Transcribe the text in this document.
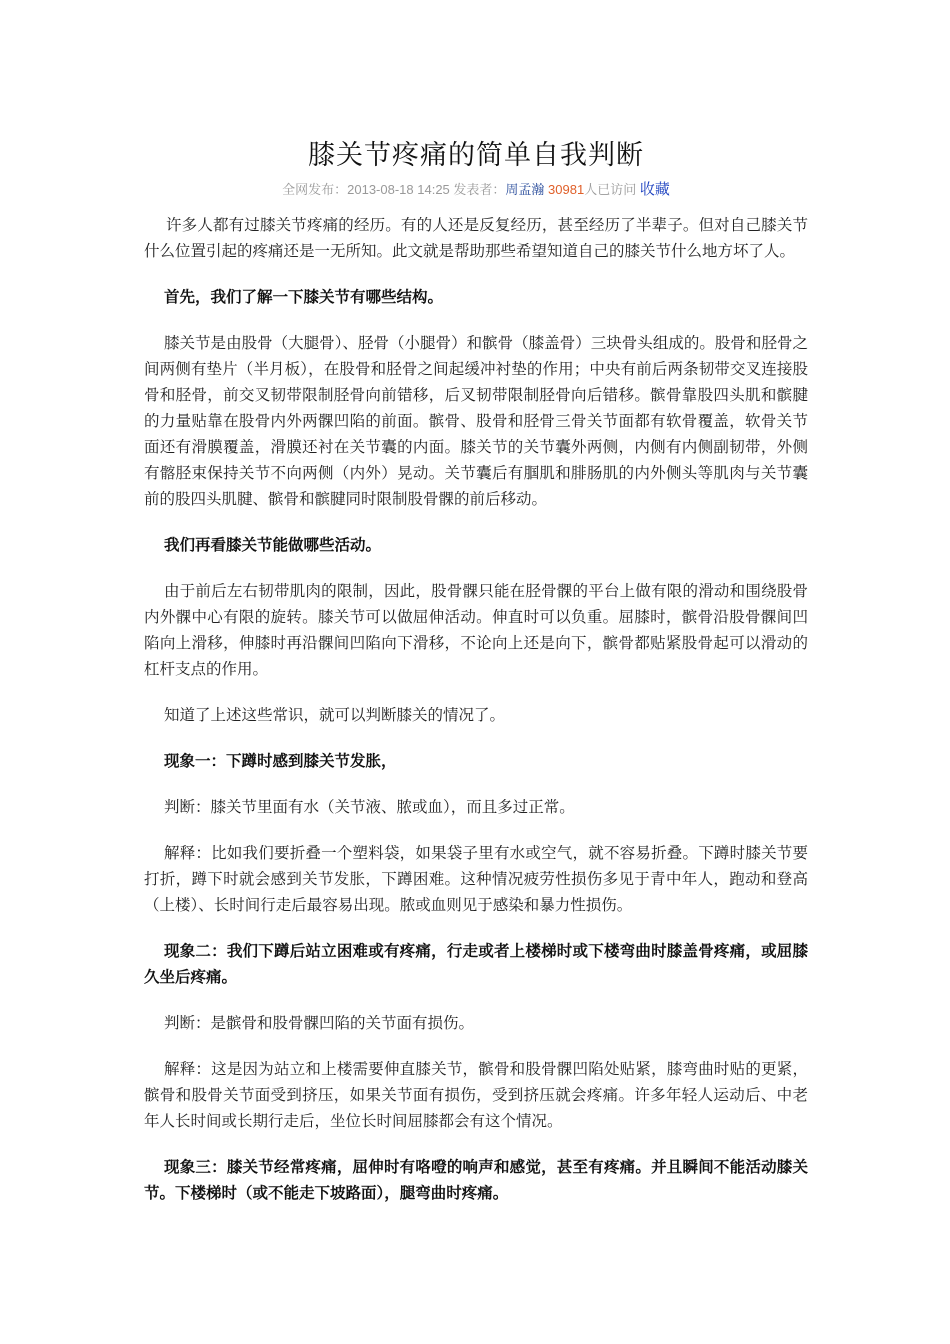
膝关节疼痛的简单自我判断
全网发布：2013-08-18 14:25 发表者：周孟瀚 30981人已访问 收藏

许多人都有过膝关节疼痛的经历。有的人还是反复经历，甚至经历了半辈子。但对自己膝关节什么位置引起的疼痛还是一无所知。此文就是帮助那些希望知道自己的膝关节什么地方坏了人。

首先，我们了解一下膝关节有哪些结构。

膝关节是由股骨（大腿骨）、胫骨（小腿骨）和髌骨（膝盖骨）三块骨头组成的。股骨和胫骨之间两侧有垫片（半月板），在股骨和胫骨之间起缓冲衬垫的作用；中央有前后两条韧带交叉连接股骨和胫骨，前交叉韧带限制胫骨向前错移，后叉韧带限制胫骨向后错移。髌骨靠股四头肌和髌腱的力量贴靠在股骨内外两髁凹陷的前面。髌骨、股骨和胫骨三骨关节面都有软骨覆盖，软骨关节面还有滑膜覆盖，滑膜还衬在关节囊的内面。膝关节的关节囊外两侧，内侧有内侧副韧带，外侧有髂胫束保持关节不向两侧（内外）晃动。关节囊后有腘肌和腓肠肌的内外侧头等肌肉与关节囊前的股四头肌腱、髌骨和髌腱同时限制股骨髁的前后移动。

我们再看膝关节能做哪些活动。

由于前后左右韧带肌肉的限制，因此，股骨髁只能在胫骨髁的平台上做有限的滑动和围绕股骨内外髁中心有限的旋转。膝关节可以做屈伸活动。伸直时可以负重。屈膝时，髌骨沿股骨髁间凹陷向上滑移，伸膝时再沿髁间凹陷向下滑移，不论向上还是向下，髌骨都贴紧股骨起可以滑动的杠杆支点的作用。

知道了上述这些常识，就可以判断膝关的情况了。

现象一：下蹲时感到膝关节发胀，

判断：膝关节里面有水（关节液、脓或血），而且多过正常。

解释：比如我们要折叠一个塑料袋，如果袋子里有水或空气，就不容易折叠。下蹲时膝关节要打折，蹲下时就会感到关节发胀，下蹲困难。这种情况疲劳性损伤多见于青中年人，跑动和登高（上楼）、长时间行走后最容易出现。脓或血则见于感染和暴力性损伤。

现象二：我们下蹲后站立困难或有疼痛，行走或者上楼梯时或下楼弯曲时膝盖骨疼痛，或屈膝久坐后疼痛。

判断：是髌骨和股骨髁凹陷的关节面有损伤。

解释：这是因为站立和上楼需要伸直膝关节，髌骨和股骨髁凹陷处贴紧，膝弯曲时贴的更紧，髌骨和股骨关节面受到挤压，如果关节面有损伤，受到挤压就会疼痛。许多年轻人运动后、中老年人长时间或长期行走后，坐位长时间屈膝都会有这个情况。

现象三：膝关节经常疼痛，屈伸时有咯噔的响声和感觉，甚至有疼痛。并且瞬间不能活动膝关节。下楼梯时（或不能走下坡路面），腿弯曲时疼痛。
